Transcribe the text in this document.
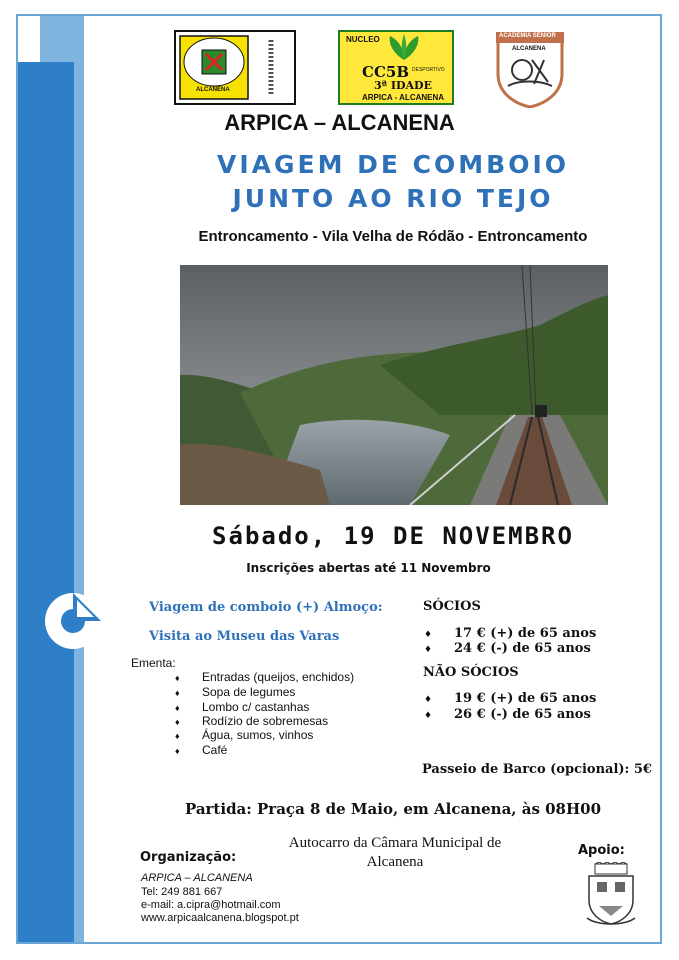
ALCANENA
NUCLEO
CC5B DESPORTIVO
3ª IDADE
ARPICA - ALCANENA
ACADEMIA SÉNIOR
ALCANENA
ARPICA – ALCANENA
VIAGEM DE COMBOIO
JUNTO AO RIO TEJO
Entroncamento - Vila Velha de Ródão - Entroncamento
Sábado, 19 DE NOVEMBRO
Inscrições abertas até 11 Novembro
Viagem de comboio (+) Almoço:
Visita ao Museu das Varas
Ementa:
♦ Entradas (queijos, enchidos)
♦ Sopa de legumes
♦ Lombo c/ castanhas
♦ Rodízio de sobremesas
♦ Água, sumos, vinhos
♦ Café
SÓCIOS
♦ 17 € (+) de 65 anos
♦ 24 € (-) de 65 anos
NÃO SÓCIOS
♦ 19 € (+) de 65 anos
♦ 26 € (-) de 65 anos
Passeio de Barco (opcional): 5€
Partida: Praça 8 de Maio, em Alcanena, às 08H00
Autocarro da Câmara Municipal de Alcanena
Organização:
ARPICA – ALCANENA
Tel: 249 881 667
e-mail: a.cipra@hotmail.com
www.arpicaalcanena.blogspot.pt
Apoio:
